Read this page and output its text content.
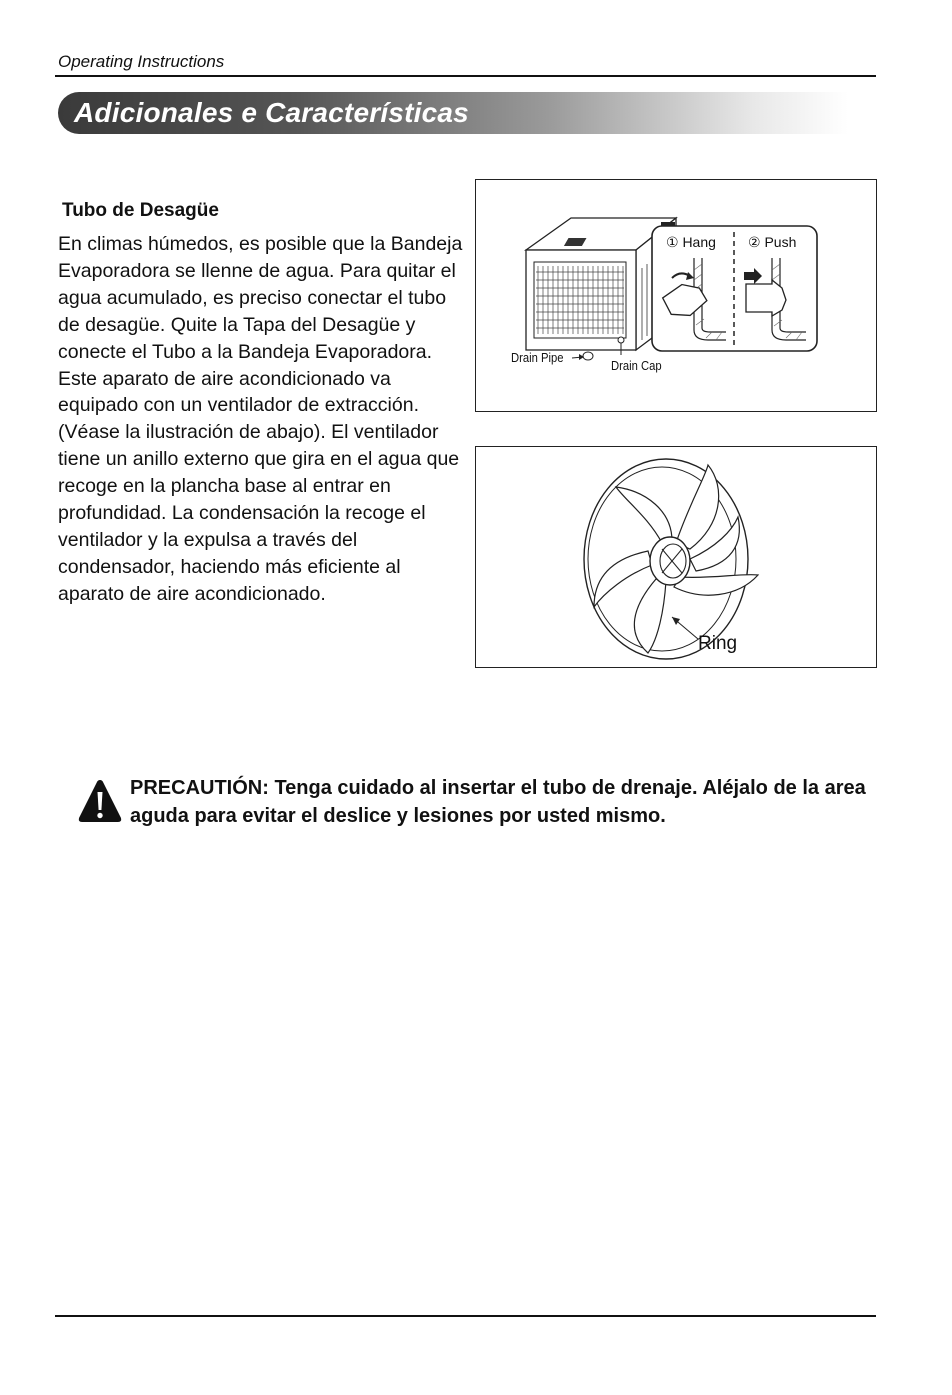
Operating Instructions
Adicionales e Características
Tubo de Desagüe
En climas húmedos, es posible que la Bandeja Evaporadora se llenne de agua. Para quitar el agua acumulado, es preciso conectar el tubo de desagüe. Quite la Tapa del Desagüe y conecte el Tubo a la Bandeja Evaporadora. Este aparato de aire acondicionado va equipado con un ventilador de extracción. (Véase la ilustración de abajo). El ventilador tiene un anillo externo que gira en el agua que recoge en la plancha base al entrar en profundidad. La condensación la recoge el ventilador y la expulsa a través del condensador, haciendo más eficiente al aparato de aire acondicionado.
① Hang ② Push
Drain Pipe
Drain Cap
Ring
PRECAUTIÓN: Tenga cuidado al insertar el tubo de drenaje. Aléjalo de la area aguda para evitar el deslice y lesiones por usted mismo.
